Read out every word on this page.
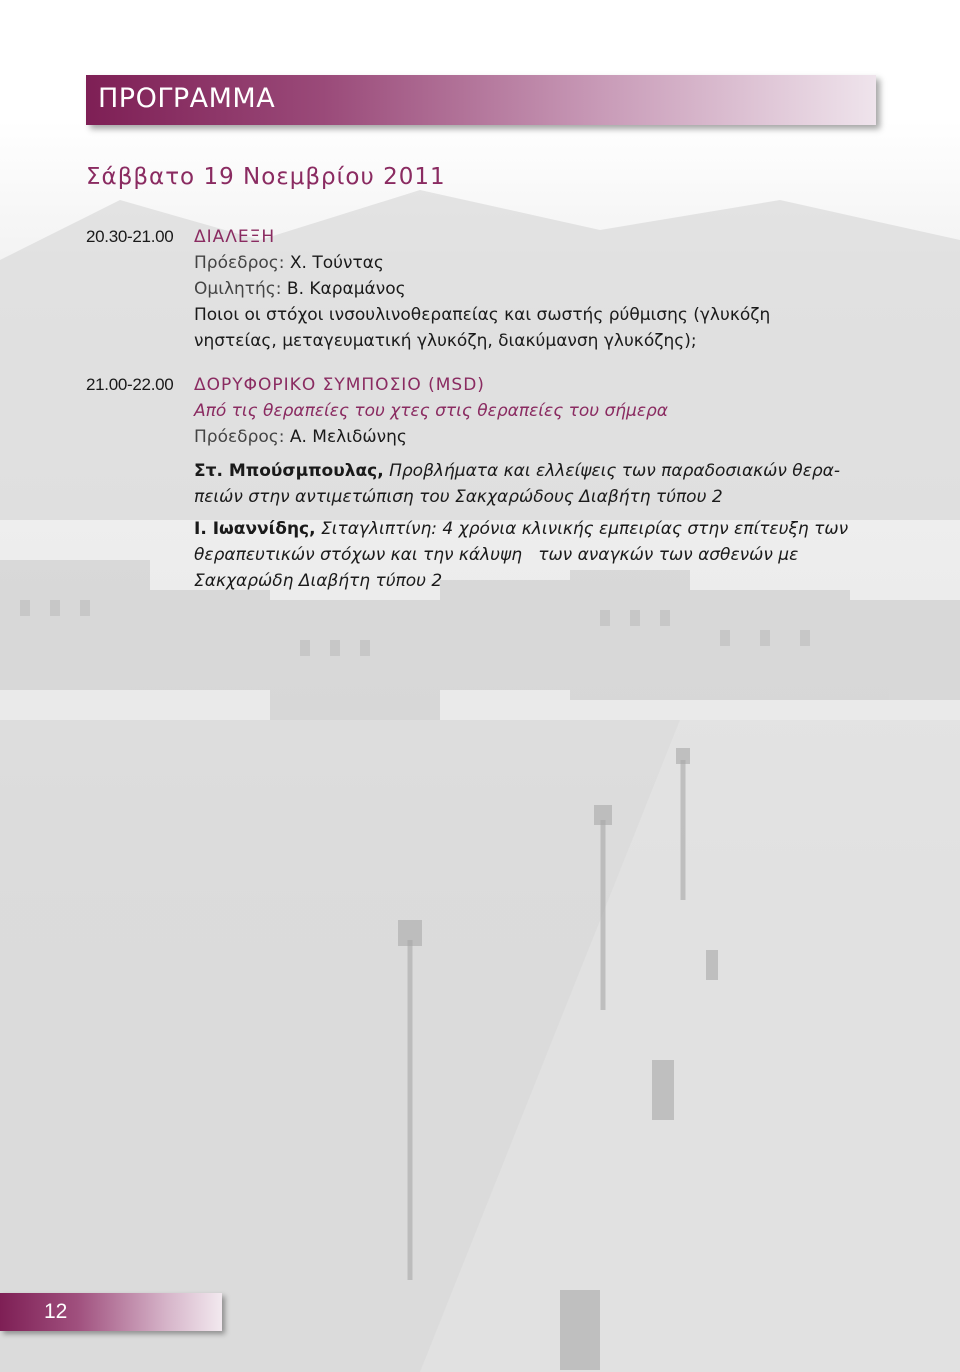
ΠΡΟΓΡΑΜΜΑ
Σάββατο 19 Νοεμβρίου 2011
20.30-21.00	ΔΙΑΛΕΞΗ
Πρόεδρος: Χ. Τούντας
Ομιλητής: Β. Καραμάνος
Ποιοι οι στόχοι ινσουλινοθεραπείας και σωστής ρύθμισης (γλυκόζη
νηστείας, μεταγευματική γλυκόζη, διακύμανση γλυκόζης);
21.00-22.00	ΔΟΡΥΦΟΡΙΚΟ ΣΥΜΠΟΣΙΟ (MSD)
Από τις θεραπείες του χτες στις θεραπείες του σήμερα
Πρόεδρος: Α. Μελιδώνης
Στ. Μπούσμπουλας, Προβλήματα και ελλείψεις των παραδοσιακών θερα-
πειών στην αντιμετώπιση του Σακχαρώδους Διαβήτη τύπου 2
Ι. Ιωαννίδης, Σιταγλιπτίνη: 4 χρόνια κλινικής εμπειρίας στην επίτευξη των
θεραπευτικών στόχων και την κάλυψη   των αναγκών των ασθενών με
Σακχαρώδη Διαβήτη τύπου 2
12
